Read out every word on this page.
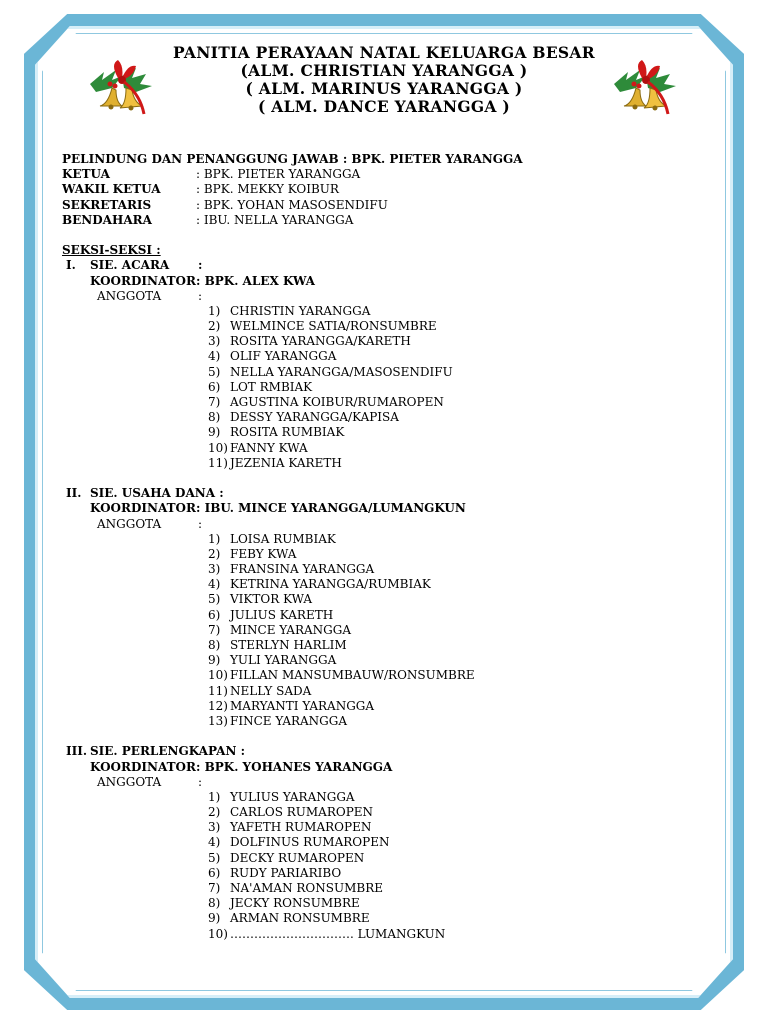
PANITIA PERAYAAN NATAL KELUARGA BESAR
(ALM. CHRISTIAN YARANGGA )
( ALM. MARINUS YARANGGA )
( ALM. DANCE YARANGGA )
PELINDUNG DAN PENANGGUNG JAWAB : BPK. PIETER YARANGGA
KETUA	: BPK. PIETER YARANGGA
WAKIL KETUA	: BPK. MEKKY KOIBUR
SEKRETARIS	: BPK. YOHAN MASOSENDIFU
BENDAHARA	: IBU. NELLA YARANGGA
SEKSI-SEKSI :
I. SIE. ACARA :
KOORDINATOR : BPK. ALEX KWA
ANGGOTA	:
1) CHRISTIN YARANGGA
2) WELMINCE SATIA/RONSUMBRE
3) ROSITA YARANGGA/KARETH
4) OLIF YARANGGA
5) NELLA YARANGGA/MASOSENDIFU
6) LOT RMBIAK
7) AGUSTINA KOIBUR/RUMAROPEN
8) DESSY YARANGGA/KAPISA
9) ROSITA RUMBIAK
10) FANNY KWA
11) JEZENIA KARETH
II. SIE. USAHA DANA :
KOORDINATOR : IBU. MINCE YARANGGA/LUMANGKUN
ANGGOTA	:
1) LOISA RUMBIAK
2) FEBY KWA
3) FRANSINA YARANGGA
4) KETRINA YARANGGA/RUMBIAK
5) VIKTOR KWA
6) JULIUS KARETH
7) MINCE YARANGGA
8) STERLYN HARLIM
9) YULI YARANGGA
10) FILLAN MANSUMBAUW/RONSUMBRE
11) NELLY SADA
12) MARYANTI YARANGGA
13) FINCE YARANGGA
III. SIE. PERLENGKAPAN :
KOORDINATOR : BPK. YOHANES YARANGGA
ANGGOTA	:
1) YULIUS YARANGGA
2) CARLOS RUMAROPEN
3) YAFETH RUMAROPEN
4) DOLFINUS RUMAROPEN
5) DECKY RUMAROPEN
6) RUDY PARIARIBO
7) NA'AMAN RONSUMBRE
8) JECKY RONSUMBRE
9) ARMAN RONSUMBRE
10) …………………………. LUMANGKUN
